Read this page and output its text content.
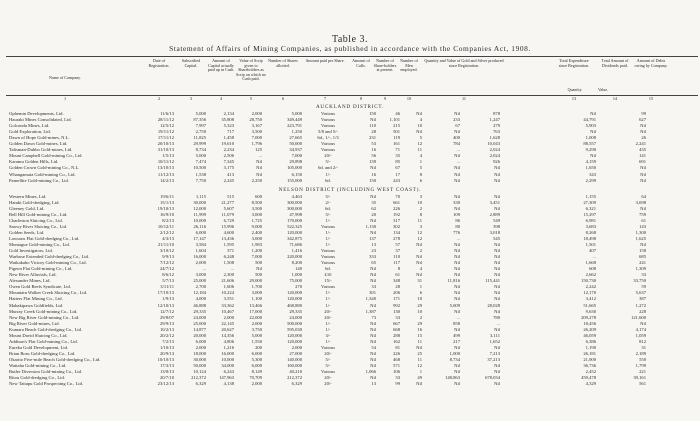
Table 3.
Statement of Affairs of Mining Companies, as published in accordance with the Companies Act, 1908.
Name of Company.
Date of Registration.
Subscribed Capital.
Amount of Capital actually paid up in Cash.
Value of Scrip given to Shareholders as Scrip on which no Cash paid.
Number of Shares allotted.
Amount paid per Share.	Amount of Calls.
Number of Share-holders at present.
Number of Men employed.
Quantity and Value of Gold and Silver produced since Registration.
Total Expenditure since Registration.
Total Amount of Dividends paid.
Amount of Debts owing by Company.
Quantity.	Value.
1	2	3	4	5	6	7	8	9	10	11	13	14	15
AUCKLAND DISTRICT.
Ophemin Developments, Ltd.	11/6/13	5,000	2,134	2,000	5,000	Various	150	46	Nil	Nil	878	Nil	99
Hauraki Mines Consolidated, Ltd.	28/11/12	87,356	35,808	28,750	349,449	Various	Nil	1,101	4	233	1,247	44,791	627
Golconda Mines, Ltd.	12/5/12	7,997	5,323	3,167	223,791	Various	110	215	10	67	279	5,903	Nil
Gold Exploration, Ltd.	19/11/12	2,750	717	3,500	1,250	5/8 and 5/-	28	501	Nil	Nil	763	Nil	Nil
Dawn of Hope Gold-mines, N.L.	17/11/12	11,825	1,458	7,000	27,665	6d., 1/-, 1/3	231	119	5	400	1,628	1,008	26
Golden Dawn Gold-mines, Ltd.	20/10/13	29,999	19,610	1,796	50,000	Various	53	161	12	784	10,043	88,557	2,241
Talisman-Dubbo Gold-mines, Ltd.	31/10/13	8,734	2,234	125	34,937	Various	16	71	11	...	2,024	9,290	435
Mount Campbell Gold-mining Co., Ltd.	1/5/13	5,000	2,506	...	7,000	20/-	56	35	4	Nil	2,024	Nil	141
Karamu Golden Hills, Ltd.	10/11/12	7,474	7,345	Nil	29,898	5/-	139	85	1	...	926	4,159	691
Golden Crown Gold-mining Co., N.L.	13/10/13	10,500	3,175	Nil	105,000	6d. and 2/-	Nil	67	5	Nil	Nil	1,650	Nil
Whangamata Gold-mining Co., Ltd.	11/12/13	1,538	413	Nil	6,150	1/-	16	17	8	Nil	Nil	343	Nil
Parnellite Gold-mining Co., Ltd.	14/2/13	7,750	2,245	2,250	155,000	6d.	150	243	6	Nil	Nil	2,299	Nil
NELSON DISTRICT (INCLUDING WEST COAST).
Western Mines, Ltd.	19/6/11	1,115	515	600	4,463	5/-	Nil	70	3	Nil	Nil	1,155	64
Hatuki Gold-dredging, Ltd.	15/1/13	30,000	21,277	8,500	300,000	2/-	35	661	10	330	3,451	27,309	3,698
Gleeney Gold, Ltd.	19/10/13	12,000	5,607	3,500	300,000	6d.	62	226	2	Nil	Nil	6,321	Nil
Bell Hill Gold-mining Co., Ltd.	16/9/10	11,999	11,079	3,000	47,998	5/-	20	192	8	109	2,889	15,297	759
Charleston Sluicing Co., Ltd.	8/2/13	10,000	6,729	1,725	170,000	1/-	Nil	317	11	86	549	6,981	61
Snowy River Sluicing Co., Ltd.	10/12/11	26,116	15,996	9,000	522,325	Various	1,130	302	3	80	398	3,683	143
Golden Seeds, Ltd.	2/12/12	6,000	4,600	2,400	120,000	1/-	Nil	134	12	776	3,018	8,268	1,300
Lawsons Flat Gold-dredging Co., Ltd.	4/3/13	17,147	13,436	3,000	342,875	1/-	137	278	12	...	545	18,498	1,625
Montague Gold-mining Co., Ltd.	21/11/10	3,584	1,595	1,983	71,686	1/-	13	57	Nil	Nil	Nil	1,501	Nil
Gold Investigators, Ltd.	3/10/12	1,604	371	1,200	1,416	Various	23	37	2	Nil	Nil	407	158
Warbose Extended Gold-dredging Co., Ltd.	9/9/13	16,000	6,248	7,000	220,000	Various	333	110	Nil	Nil	Nil	...	685
Waikakaho Victory Gold-mining Co., Ltd.	7/12/12	2,000	1,508	500	8,200	Various	65	117	Nil	Nil	Nil	1,668	241
Pigeon Flat Gold-mining Co., Ltd.	24/7/12	...	...	Nil	140	6d.	Nil	8	4	Nil	Nil	608	1,309
New River Alluvials, Ltd.	8/6/12	3,000	2,300	500	1,000	£10	Nil	61	Nil	Nil	Nil	2,662	33
Alexander Mines, Ltd.	5/7/13	25,000	21,606	29,000	75,000	15/-	Nil	348	31	11,816	115,441	150,730	33,750
Owen Gold Reefs Syndicate, Ltd.	3/11/11	2,700	1,606	1,700	270	Various	33	28	1	Nil	Nil	2,242	59
Mountain Walker Creek Sluicing Co., Ltd.	17/10/13	12,184	10,224	3,000	120,000	1/-	301	206	6	Nil	Nil	12,170	5,637
Hatters Flat Mining Co., Ltd.	1/9/13	4,000	3,551	1,100	120,000	1/-	1,340	171	10	Nil	Nil	3,412	387
Mahakipawa Goldfields, Ltd.	12/10/13	46,888	33,362	13,466	468,880	1/-	Nil	992	29	5,009	28,028	51,665	1,272
Murray Creek Gold-mining Co., Ltd.	12/7/12	29,335	10,467	17,000	29,335	20/-	1,387	130	10	Nil	Nil	9,630	228
New Big River Gold-mining Co., Ltd.	29/8/07	24,000	2,000	22,000	24,000	20/-	73	33	2	...	780	209,278	121,600
Big River Gold-mines, Ltd.	29/9/13	25,000	22,145	2,000	500,000	1/-	Nil	667	29	858	...	18,456	Nil
Kumara Beach Gold-dredging Co., Ltd.	10/2/13	14,877	20,627	3,750	595,030	1/-	Nil	668	16	Nil	Nil	26,209	4,174
Mount David Sluicing Co., Ltd.	20/2/12	20,000	14,356	5,000	120,000	3/-	Nil	288	15	499	3,111	46,059	1,059
Addison's Flat Gold-mining Co., Ltd.	7/2/13	6,000	4,806	1,550	120,000	1/-	Nil	162	11	217	1,652	6,386	812
Eureka Gold Development, Ltd.	1/10/13	2,000	1,216	200	2,000	Various	54	81	Nil	Nil	Nil	1,190	31
Brian Boru Gold-dredging Co., Ltd.	20/9/13	18,000	16,000	6,000	27,000	20/-	Nil	226	25	1,000	7,213	26,181	2,189
Okarito Five-mile Beach Gold-dredging Co., Ltd.	10/10/13	30,000	10,000	5,300	140,000	5/-	Nil	468	11	8,734	37,213	21,000	550
Waitaha Gold-mining Co., Ltd.	17/3/13	50,000	34,000	6,000	160,000	5/-	Nil	571	12	Nil	Nil	36,736	1,799
Butler Diversion Gold-mining Co., Ltd.	13/8/13	10,124	6,243	8,149	40,210	Various	1,066	106	1	Nil	Nil	2,452	221
Ritou Gold-dredging Co., Ltd.	20/7/10	212,372	147,963	70,709	212,372	20/-	Nil	33	49	148,863	678,034	459,478	39,161
New Taitapu Gold Prospecting Co., Ltd.	23/12/13	6,329	4,138	2,000	6,329	20/-	13	99	Nil	Nil	Nil	4,329	561
